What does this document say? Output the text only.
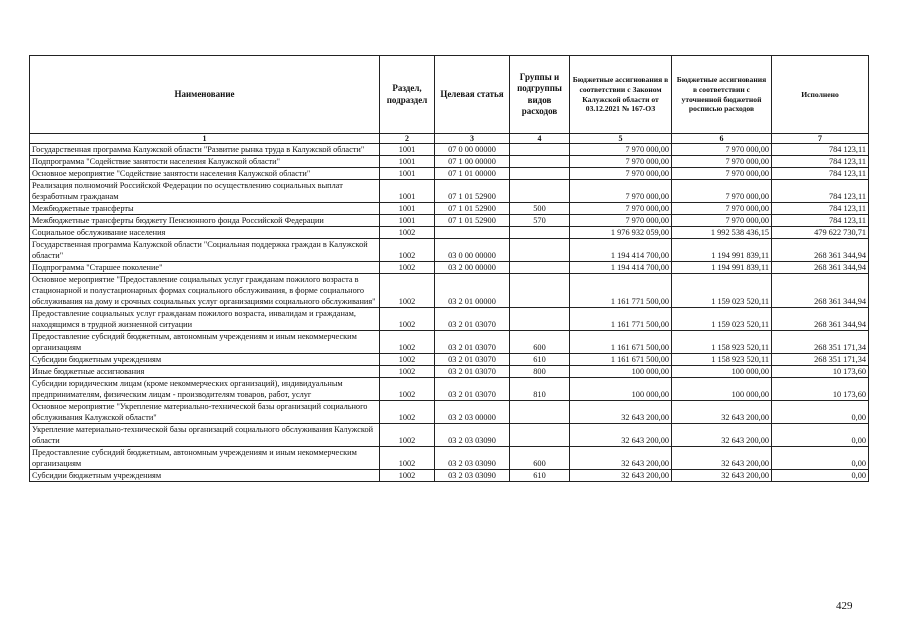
Наименование	Раздел, подраздел	Целевая статья	Группы и подгруппы видов расходов	Бюджетные ассигнования в соответствии с Законом Калужской области от 03.12.2021 № 167-ОЗ	Бюджетные ассигнования в соответствии с уточненной бюджетной росписью расходов	Исполнено
1	2	3	4	5	6	7
Государственная программа Калужской области "Развитие рынка труда в Калужской области"	1001	07 0 00 00000		7 970 000,00	7 970 000,00	784 123,11
Подпрограмма "Содействие занятости населения Калужской области"	1001	07 1 00 00000		7 970 000,00	7 970 000,00	784 123,11
Основное мероприятие "Содействие занятости населения Калужской области"	1001	07 1 01 00000		7 970 000,00	7 970 000,00	784 123,11
Реализация полномочий Российской Федерации по осуществлению социальных выплат безработным гражданам	1001	07 1 01 52900		7 970 000,00	7 970 000,00	784 123,11
Межбюджетные трансферты	1001	07 1 01 52900	500	7 970 000,00	7 970 000,00	784 123,11
Межбюджетные трансферты бюджету Пенсионного фонда Российской Федерации	1001	07 1 01 52900	570	7 970 000,00	7 970 000,00	784 123,11
Социальное обслуживание населения	1002			1 976 932 059,00	1 992 538 436,15	479 622 730,71
Государственная программа Калужской области "Социальная поддержка граждан в Калужской области"	1002	03 0 00 00000		1 194 414 700,00	1 194 991 839,11	268 361 344,94
Подпрограмма "Старшее поколение"	1002	03 2 00 00000		1 194 414 700,00	1 194 991 839,11	268 361 344,94
Основное мероприятие "Предоставление социальных услуг гражданам пожилого возраста в стационарной и полустационарных формах социального обслуживания, в форме социального обслуживания на дому и срочных социальных услуг организациями социального обслуживания"	1002	03 2 01 00000		1 161 771 500,00	1 159 023 520,11	268 361 344,94
Предоставление социальных услуг гражданам пожилого возраста, инвалидам и гражданам, находящимся в трудной жизненной ситуации	1002	03 2 01 03070		1 161 771 500,00	1 159 023 520,11	268 361 344,94
Предоставление субсидий бюджетным, автономным учреждениям и иным некоммерческим организациям	1002	03 2 01 03070	600	1 161 671 500,00	1 158 923 520,11	268 351 171,34
Субсидии бюджетным учреждениям	1002	03 2 01 03070	610	1 161 671 500,00	1 158 923 520,11	268 351 171,34
Иные бюджетные ассигнования	1002	03 2 01 03070	800	100 000,00	100 000,00	10 173,60
Субсидии юридическим лицам (кроме некоммерческих организаций), индивидуальным предпринимателям, физическим лицам - производителям товаров, работ, услуг	1002	03 2 01 03070	810	100 000,00	100 000,00	10 173,60
Основное мероприятие "Укрепление материально-технической базы организаций социального обслуживания Калужской области"	1002	03 2 03 00000		32 643 200,00	32 643 200,00	0,00
Укрепление материально-технической базы организаций социального обслуживания Калужской области	1002	03 2 03 03090		32 643 200,00	32 643 200,00	0,00
Предоставление субсидий бюджетным, автономным учреждениям и иным некоммерческим организациям	1002	03 2 03 03090	600	32 643 200,00	32 643 200,00	0,00
Субсидии бюджетным учреждениям	1002	03 2 03 03090	610	32 643 200,00	32 643 200,00	0,00
429
